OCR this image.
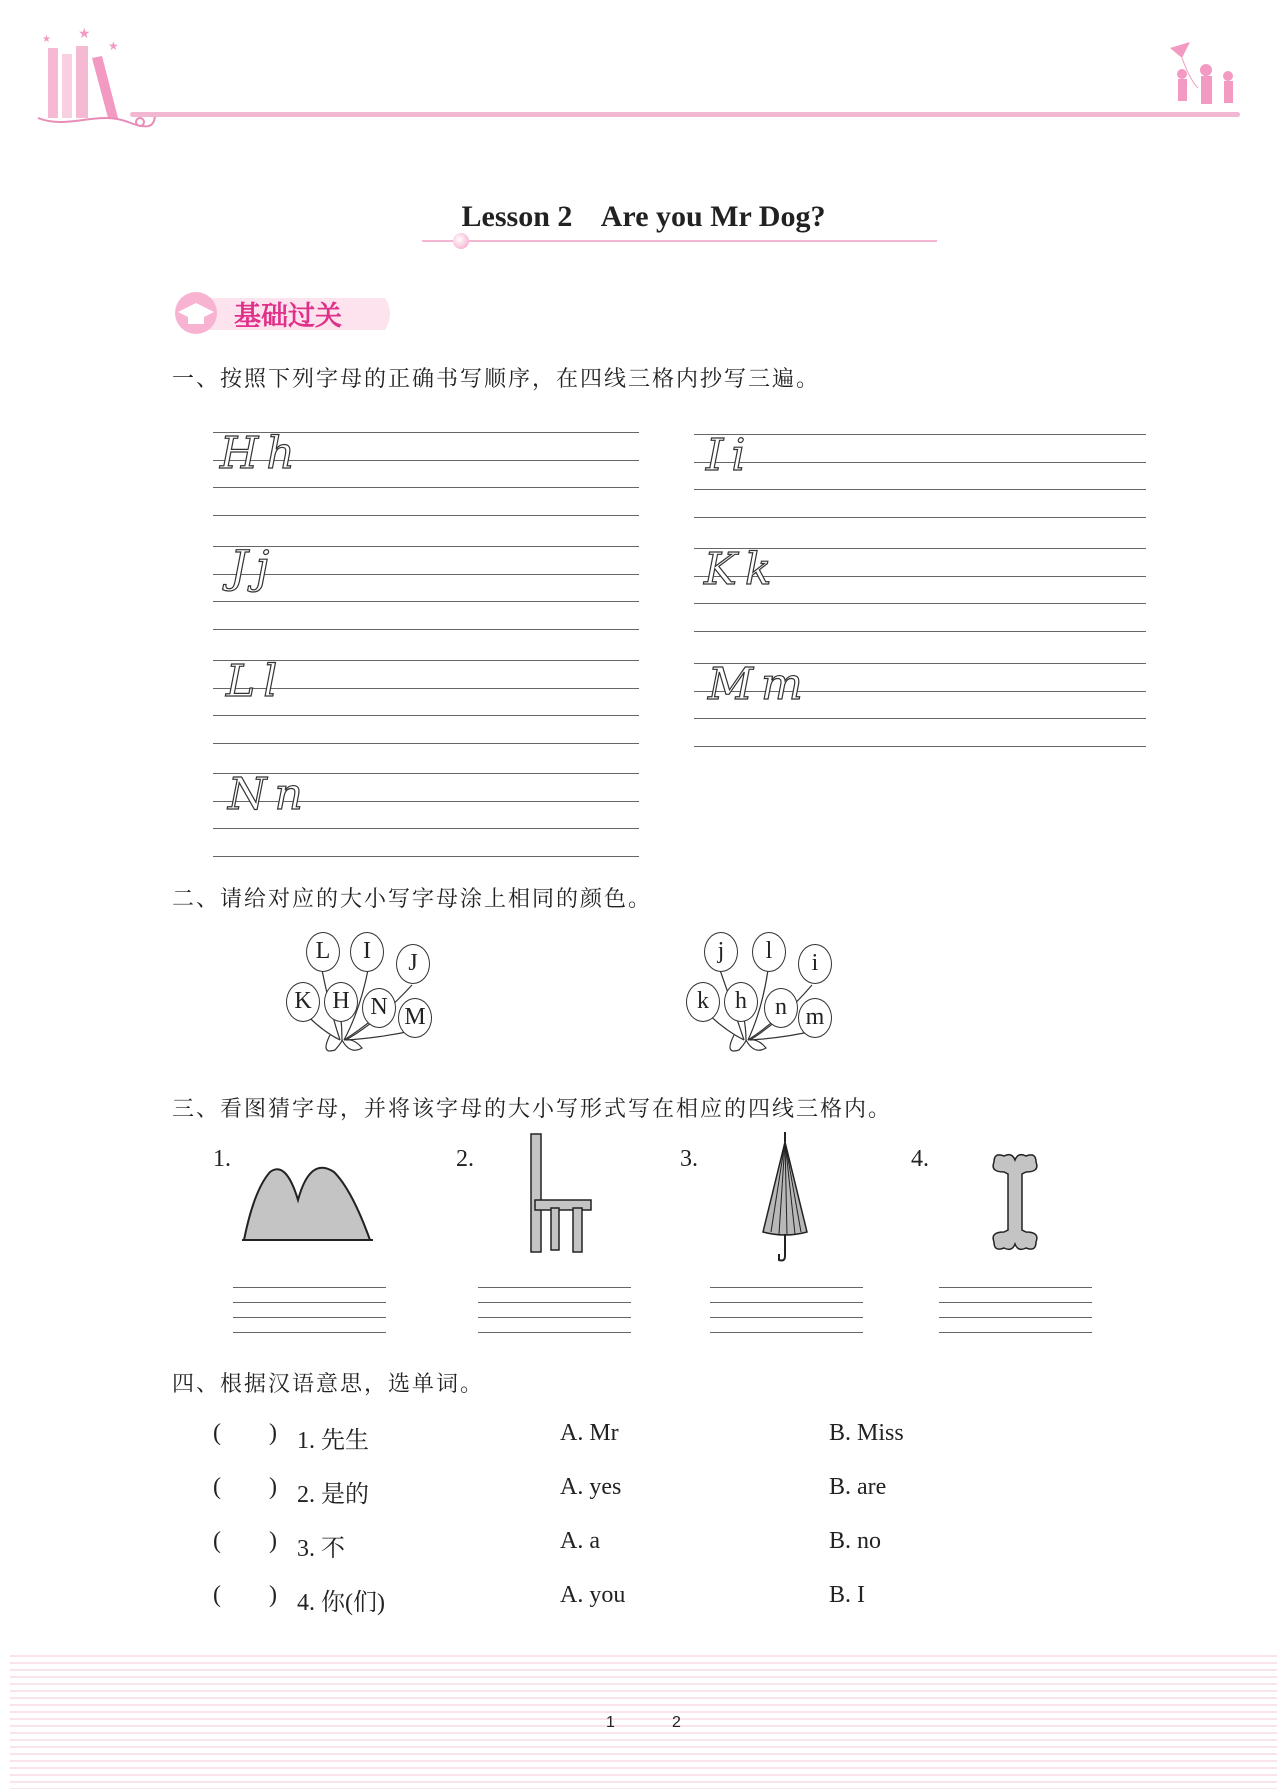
★
★
★
Lesson 2    Are you Mr Dog?
基础过关
一、按照下列字母的正确书写顺序，在四线三格内抄写三遍。
Hh
Jj
Ll
Nn
Ii
Kk
Mm
二、请给对应的大小写字母涂上相同的颜色。
L	I	J
K H N M
j	l	i
k	h	n m
三、看图猜字母，并将该字母的大小写形式写在相应的四线三格内。
1.	2.	3.	4.
四、根据汉语意思，选单词。
(        ) 1. 先生	A. Mr	B. Miss
(        ) 2. 是的	A. yes	B. are
(        ) 3. 不	A. a	B. no
(        ) 4. 你(们)	A. you	B. I
1	2
